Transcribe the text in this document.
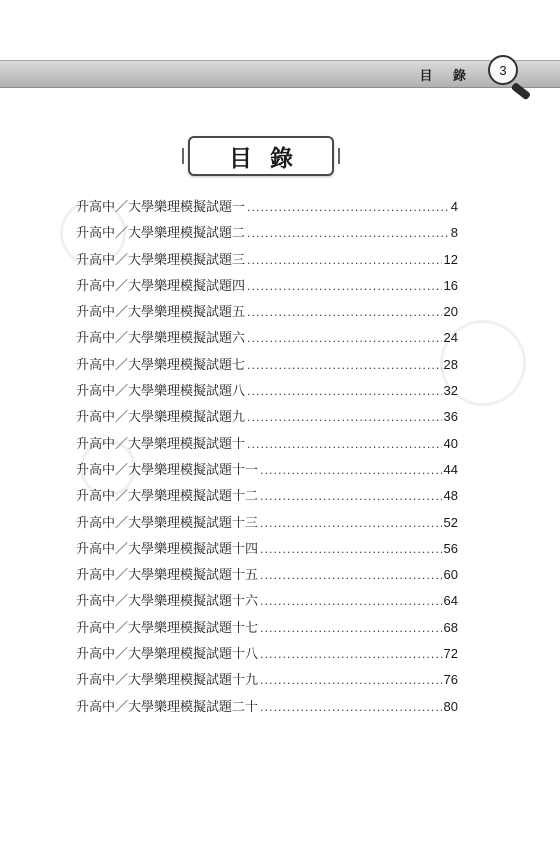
目 錄 3
目錄
升高中／大學樂理模擬試題一 .....	4
升高中／大學樂理模擬試題二 .....	8
升高中／大學樂理模擬試題三 .....	12
升高中／大學樂理模擬試題四 .....	16
升高中／大學樂理模擬試題五 .....	20
升高中／大學樂理模擬試題六 .....	24
升高中／大學樂理模擬試題七 .....	28
升高中／大學樂理模擬試題八 .....	32
升高中／大學樂理模擬試題九 .....	36
升高中／大學樂理模擬試題十 .....	40
升高中／大學樂理模擬試題十一 .....	44
升高中／大學樂理模擬試題十二 .....	48
升高中／大學樂理模擬試題十三 .....	52
升高中／大學樂理模擬試題十四 .....	56
升高中／大學樂理模擬試題十五 .....	60
升高中／大學樂理模擬試題十六 .....	64
升高中／大學樂理模擬試題十七 .....	68
升高中／大學樂理模擬試題十八 .....	72
升高中／大學樂理模擬試題十九 .....	76
升高中／大學樂理模擬試題二十 .....	80
